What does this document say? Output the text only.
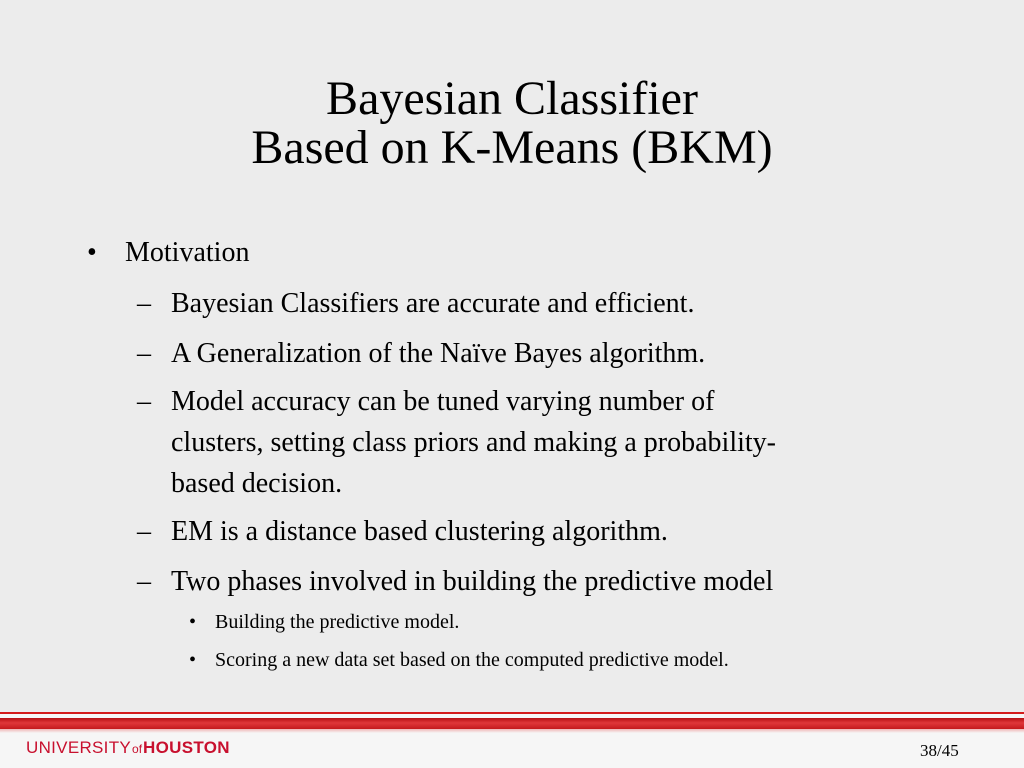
Bayesian Classifier
Based on K-Means (BKM)
• Motivation
– Bayesian Classifiers are accurate and efficient.
– A Generalization of the Naïve Bayes algorithm.
– Model accuracy can be tuned varying number of
clusters, setting class priors and making a probability-
based decision.
– EM is a distance based clustering algorithm.
– Two phases involved in building the predictive model
• Building the predictive model.
• Scoring a new data set based on the computed predictive model.
UNIVERSITY of HOUSTON	38/45
